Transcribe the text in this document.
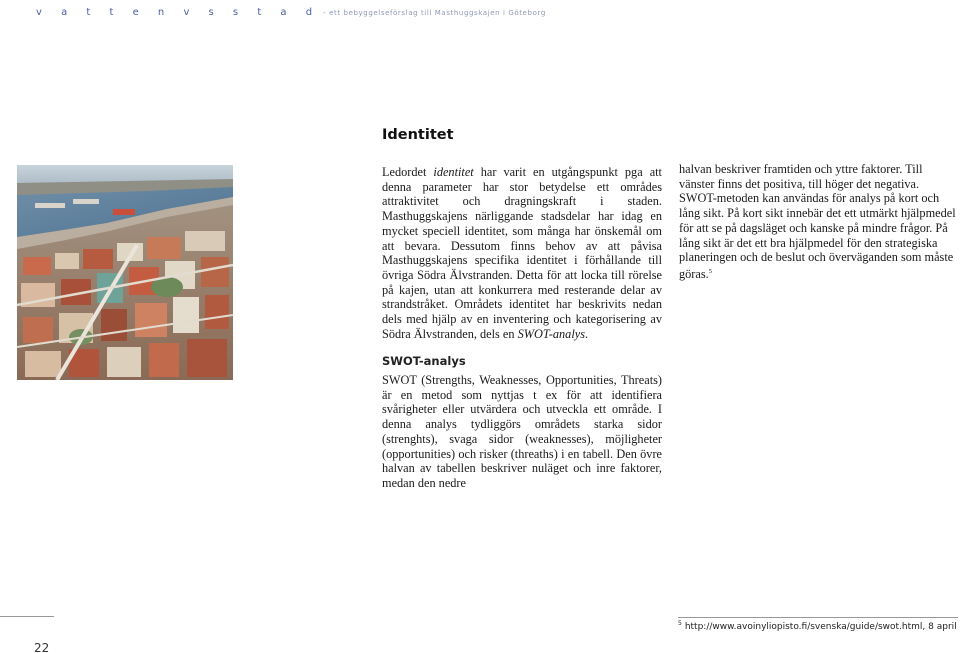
v a t t e n v s s t a d - ett bebyggelseförslag till Masthuggskajen i Göteborg
Identitet

Ledordet identitet har varit en utgångspunkt pga att denna parameter har stor betydelse ett områdes attraktivitet och dragningskraft i staden. Masthuggskajens närliggande stadsdelar har idag en mycket speciell identitet, som många har önskemål om att bevara. Dessutom finns behov av att påvisa Masthuggskajens specifika identitet i förhållande till övriga Södra Älvstranden. Detta för att locka till rörelse på kajen, utan att konkurrera med resterande delar av strandstråket. Områdets identitet har beskrivits nedan dels med hjälp av en inventering och kategorisering av Södra Älvstranden, dels en SWOT-analys.

SWOT-analys

SWOT (Strengths, Weaknesses, Opportunities, Threats) är en metod som nyttjas t ex för att identifiera svårigheter eller utvärdera och utveckla ett område. I denna analys tydliggörs områdets starka sidor (strenghts), svaga sidor (weaknesses), möjligheter (opportunities) och risker (threaths) i en tabell. Den övre halvan av tabellen beskriver nuläget och inre faktorer, medan den nedre

halvan beskriver framtiden och yttre faktorer. Till vänster finns det positiva, till höger det negativa. SWOT-metoden kan användas för analys på kort och lång sikt. På kort sikt innebär det ett utmärkt hjälpmedel för att se på dagsläget och kanske på mindre frågor. På lång sikt är det ett bra hjälpmedel för den strategiska planeringen och de beslut och överväganden som måste göras.$^5$

$^5$ http://www.avoinyliopisto.fi/svenska/guide/swot.html, 8 april
22
